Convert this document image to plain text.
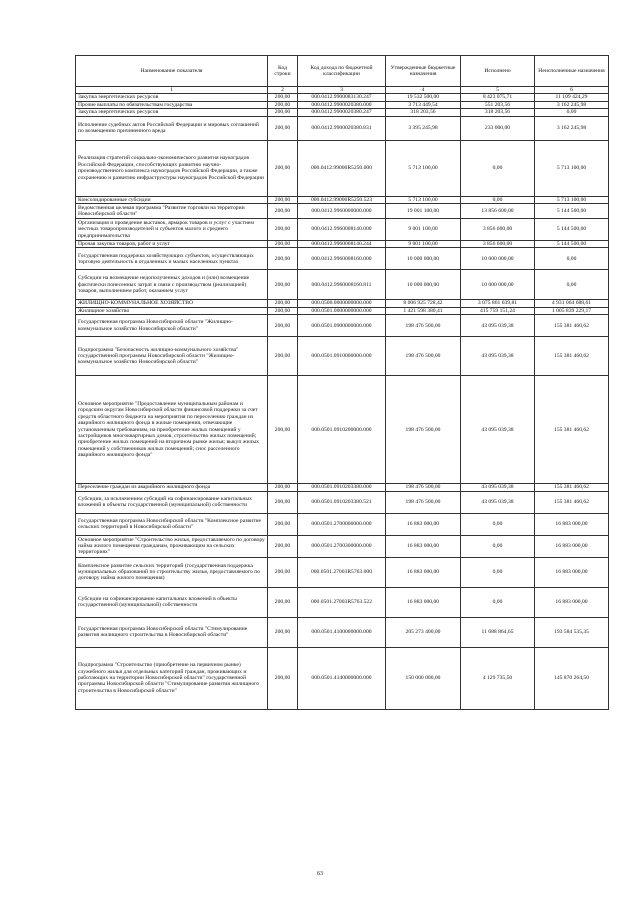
Наименование показателя	Код строки	Код дохода по бюджетной классификации	Утвержденные бюджетные назначения	Исполнено	Неисполненные назначения
1	2	3	4	5	6
Закупка энергетических ресурсов	200,00	000.0412.9900083130.247	19 532 500,00	8 423 075,71	11 109 424,29
Прочие выплаты по обязательствам государства	200,00	000.0412.9900020380.000	3 713 449,54	551 203,56	3 162 245,98
Закупка энергетических ресурсов	200,00	000.0412.9900020380.247	318 203,56	318 203,56	0,00
Исполнение судебных актов Российской Федерации и мировых соглашений по возмещению причиненного вреда	200,00	000.0412.9900020380.831	3 395 245,98	233 000,00	3 162 245,98
Реализация стратегий социально-экономического развития наукоградов Российской Федерации, способствующих развитию научно-производственного комплекса наукоградов Российской Федерации, а также сохранению и развитию инфраструктуры наукоградов Российской Федерации	200,00	000.0412.99000R5250.000	5 713 100,00	0,00	5 713 100,00
Консолидированные субсидии	200,00	000.0412.99000R5250.523	5 713 100,00	0,00	5 713 100,00
Ведомственная целевая программа "Развитие торговли на территории Новосибирской области"	200,00	000.0412.9960000000.000	19 001 100,00	13 856 600,00	5 144 500,00
Организация и проведение выставок, ярмарок товаров и услуг с участием местных товаропроизводителей и субъектов малого и среднего предпринимательства	200,00	000.0412.9960008140.000	9 001 100,00	3 856 600,00	5 144 500,00
Прочая закупка товаров, работ и услуг	200,00	000.0412.9960008140.244	9 001 100,00	3 856 600,00	5 144 500,00
Государственная поддержка хозяйствующих субъектов, осуществляющих торговую деятельность в отдаленных и малых населенных пунктах	200,00	000.0412.9960008160.000	10 000 000,00	10 000 000,00	0,00
Субсидии на возмещение недополученных доходов и (или) возмещение фактически понесенных затрат в связи с производством (реализацией) товаров, выполнением работ, оказанием услуг	200,00	000.0412.9960008160.811	10 000 000,00	10 000 000,00	0,00
ЖИЛИЩНО-КОММУНАЛЬНОЕ ХОЗЯЙСТВО	200,00	000.0500.0000000000.000	8 006 925 728,42	3 075 861 039,81	4 931 064 688,61
Жилищное хозяйство	200,00	000.0501.0000000000.000	1 421 598 380,41	415 759 151,24	1 005 839 229,17
Государственная программа Новосибирской области "Жилищно-коммунальное хозяйство Новосибирской области"	200,00	000.0501.0900000000.000	198 476 500,00	43 095 039,38	155 381 460,62
Подпрограмма "Безопасность жилищно-коммунального хозяйства" государственной программы Новосибирской области "Жилищно-коммунальное хозяйство Новосибирской области"	200,00	000.0501.0910000000.000	198 476 500,00	43 095 039,38	155 381 460,62
Основное мероприятие "Предоставление муниципальным районам и городским округам Новосибирской области финансовой поддержки за счет средств областного бюджета на мероприятия по переселению граждан из аварийного жилищного фонда в жилые помещения, отвечающие установленным требованиям, на приобретение жилых помещений у застройщиков многоквартирных домов, строительство жилых помещений; приобретение жилых помещений на вторичном рынке жилья; выкуп жилых помещений у собственников жилых помещений; снос расселенного аварийного жилищного фонда"	200,00	000.0501.0910200000.000	198 476 500,00	43 095 039,38	155 381 460,62
Переселение граждан из аварийного жилищного фонда	200,00	000.0501.0910203380.000	198 476 500,00	43 095 039,38	155 381 460,62
Субсидии, за исключением субсидий на софинансирование капитальных вложений в объекты государственной (муниципальной) собственности	200,00	000.0501.0910203380.521	198 476 500,00	43 095 039,38	155 381 460,62
Государственная программа Новосибирской области "Комплексное развитие сельских территорий в Новосибирской области"	200,00	000.0501.2700000000.000	16 883 000,00	0,00	16 883 000,00
Основное мероприятие "Строительство жилья, предоставляемого по договору найма жилого помещения гражданам, проживающим на сельских территориях"	200,00	000.0501.2700300000.000	16 883 000,00	0,00	16 883 000,00
Комплексное развитие сельских территорий (государственная поддержка муниципальных образований по строительству жилья, предоставляемого по договору найма жилого помещения)	200,00	000.0501.27003R5763.000	16 883 000,00	0,00	16 883 000,00
Субсидии на софинансирование капитальных вложений в объекты государственной (муниципальной) собственности	200,00	000.0501.27003R5763.522	16 883 000,00	0,00	16 883 000,00
Государственная программа Новосибирской области "Стимулирование развития жилищного строительства в Новосибирской области"	200,00	000.0501.4100000000.000	205 273 400,00	11 688 864,65	193 584 535,35
Подпрограмма "Строительство (приобретение на первичном рынке) служебного жилья для отдельных категорий граждан, проживающих и работающих на территории Новосибирской области" государственной программы Новосибирской области "Стимулирование развития жилищного строительства в Новосибирской области"	200,00	000.0501.4140000000.000	150 000 000,00	4 129 735,50	145 870 264,50
63
